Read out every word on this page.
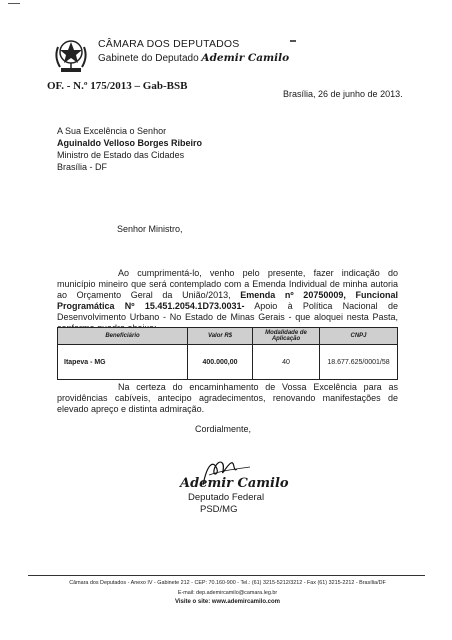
CÂMARA DOS DEPUTADOS
Gabinete do Deputado Ademir Camilo
OF. - N.º 175/2013 – Gab-BSB
Brasília, 26 de junho de 2013.
A Sua Excelência o Senhor
Aguinaldo Velloso Borges Ribeiro
Ministro de Estado das Cidades
Brasília - DF
Senhor Ministro,
Ao cumprimentá-lo, venho pelo presente, fazer indicação do município mineiro que será contemplado com a Emenda Individual de minha autoria ao Orçamento Geral da União/2013, Emenda nº 20750009, Funcional Programática Nº 15.451.2054.1D73.0031- Apoio à Política Nacional de Desenvolvimento Urbano - No Estado de Minas Gerais - que aloquei nesta Pasta,
Beneficiário	Valor R$	Modalidade de Aplicação	CNPJ
Itapeva - MG	400.000,00	40	18.677.625/0001/58
Na certeza do encaminhamento de Vossa Excelência para as providências cabíveis, antecipo agradecimentos, renovando manifestações de elevado apreço e distinta admiração.
Cordialmente,
Ademir Camilo
Deputado Federal
PSD/MG
Câmara dos Deputados - Anexo IV - Gabinete 212 - CEP: 70.160-900 - Tel.: (61) 3215-5212/3212 - Fax (61) 3215-2212 - Brasília/DF
E-mail: dep.ademircamilo@camara.leg.br
Visite o site: www.ademircamilo.com
